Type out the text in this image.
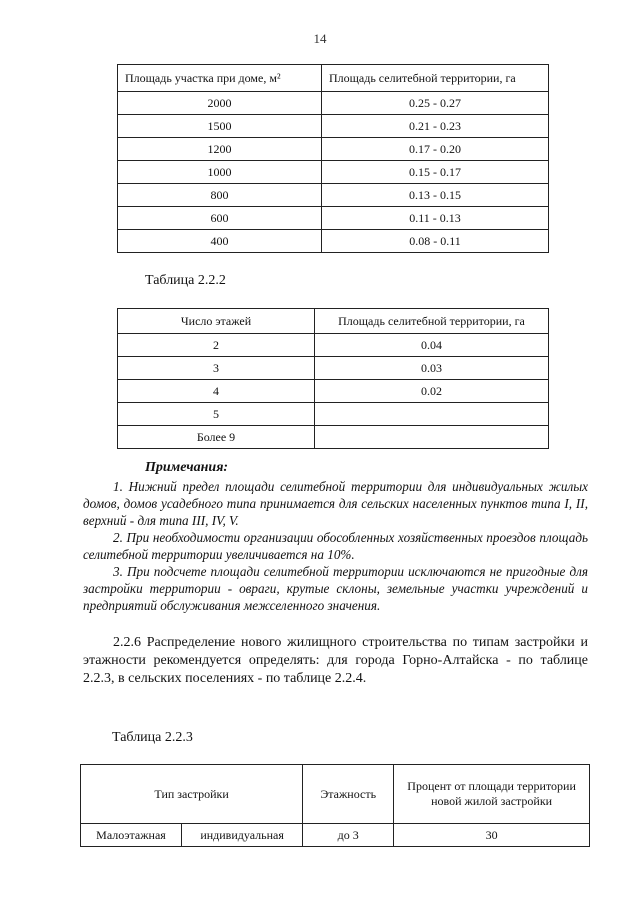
14
Площадь участка при доме, м²	Площадь селитебной территории, га
2000	0.25 - 0.27
1500	0.21 - 0.23
1200	0.17 - 0.20
1000	0.15 - 0.17
800	0.13 - 0.15
600	0.11 - 0.13
400	0.08 - 0.11
Таблица 2.2.2
Число этажей	Площадь селитебной территории, га
2	0.04
3	0.03
4	0.02
5	
Более 9	
Примечания:

1. Нижний предел площади селитебной территории для индивидуальных жилых домов, домов усадебного типа принимается для сельских населенных пунктов типа I, II, верхний - для типа III, IV, V.

2. При необходимости организации обособленных хозяйственных проездов площадь селитебной территории увеличивается на 10%.

3. При подсчете площади селитебной территории исключаются не пригодные для застройки территории - овраги, крутые склоны, земельные участки учреждений и предприятий обслуживания межселенного значения.

2.2.6 Распределение нового жилищного строительства по типам застройки и этажности рекомендуется определять: для города Горно-Алтайска - по таблице 2.2.3, в сельских поселениях - по таблице 2.2.4.

Таблица 2.2.3
Тип застройки		Этажность	Процент от площади территории новой жилой застройки
Малоэтажная	индивидуальная	до 3	30
